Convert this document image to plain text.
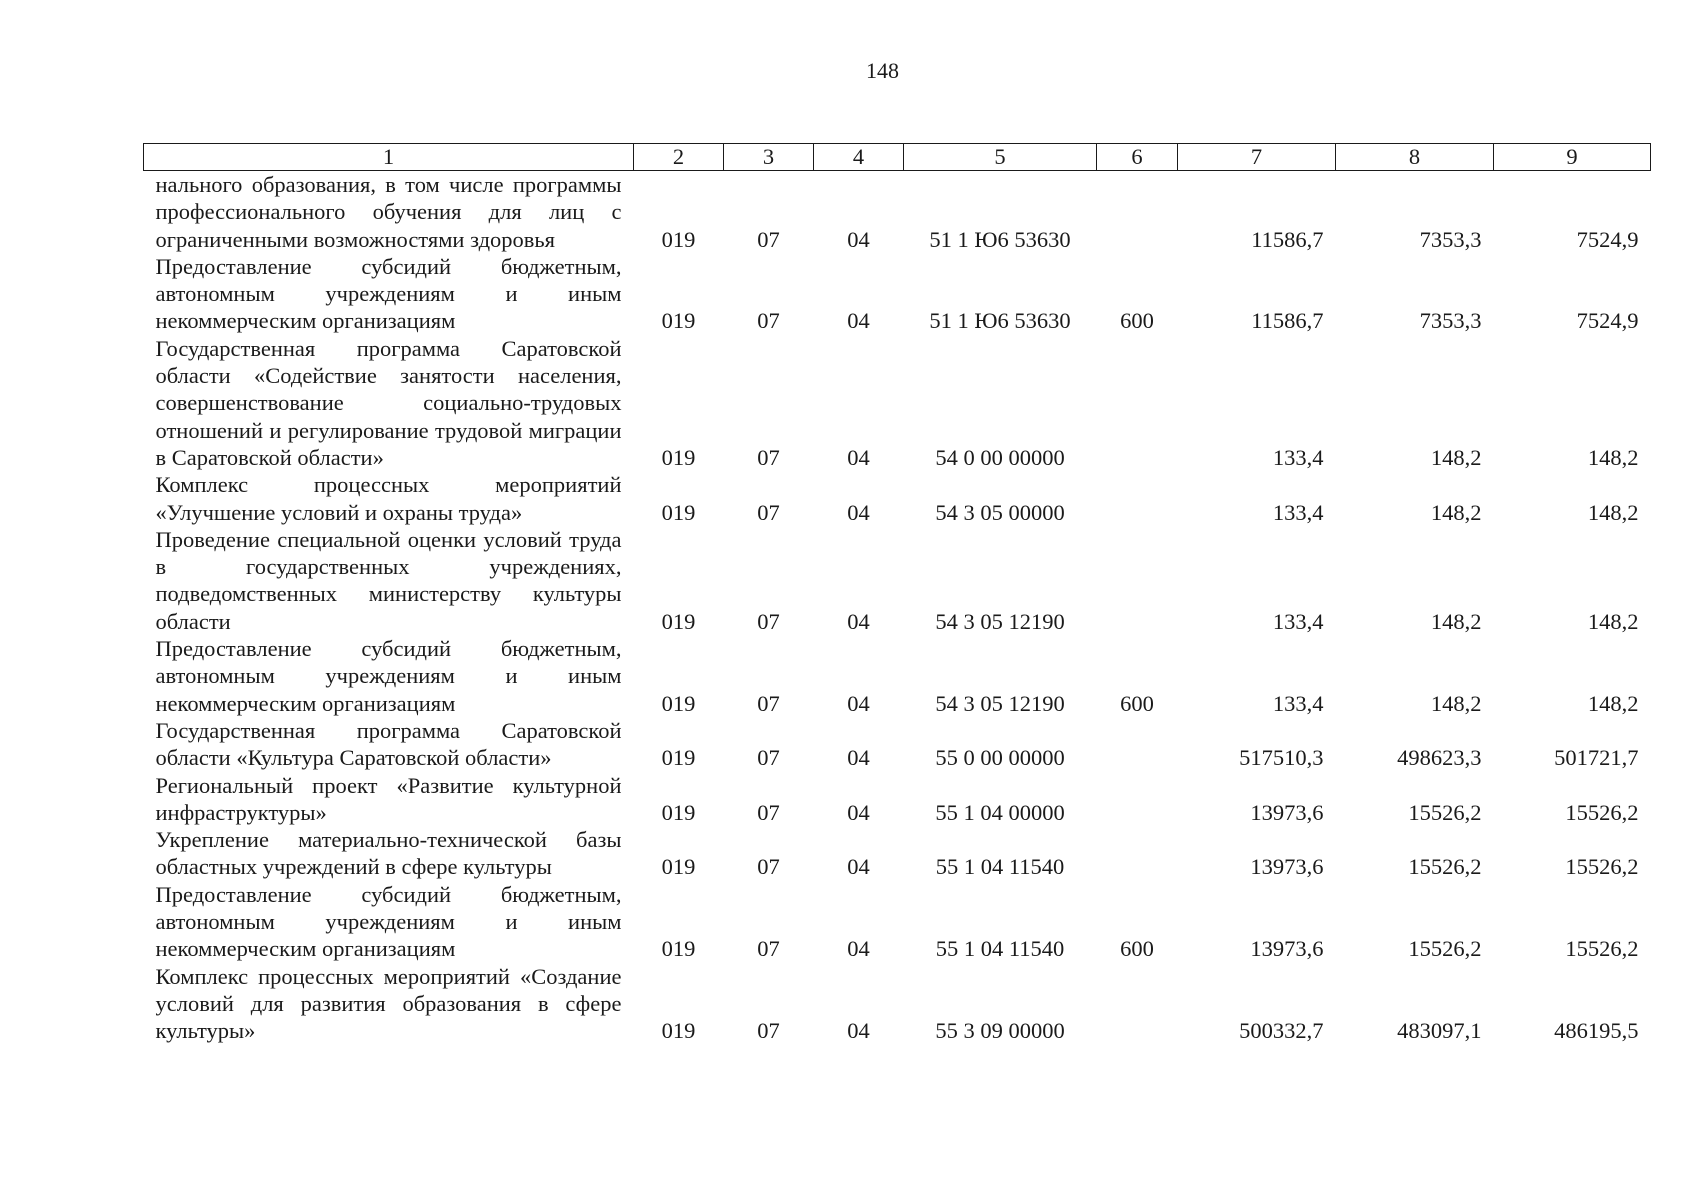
148
1	2	3	4	5	6	7	8	9
нального образования, в том числе программы профессионального обучения для лиц с ограниченными возможностями здоровья	019	07	04	51 1 Ю6 53630		11586,7	7353,3	7524,9
Предоставление субсидий бюджетным, автономным учреждениям и иным некоммерческим организациям	019	07	04	51 1 Ю6 53630	600	11586,7	7353,3	7524,9
Государственная программа Саратовской области «Содействие занятости населения, совершенствование социально-трудовых отношений и регулирование трудовой миграции в Саратовской области»	019	07	04	54 0 00 00000		133,4	148,2	148,2
Комплекс процессных мероприятий «Улучшение условий и охраны труда»	019	07	04	54 3 05 00000		133,4	148,2	148,2
Проведение специальной оценки условий труда в государственных учреждениях, подведомственных министерству культуры области	019	07	04	54 3 05 12190		133,4	148,2	148,2
Предоставление субсидий бюджетным, автономным учреждениям и иным некоммерческим организациям	019	07	04	54 3 05 12190	600	133,4	148,2	148,2
Государственная программа Саратовской области «Культура Саратовской области»	019	07	04	55 0 00 00000		517510,3	498623,3	501721,7
Региональный проект «Развитие культурной инфраструктуры»	019	07	04	55 1 04 00000		13973,6	15526,2	15526,2
Укрепление материально-технической базы областных учреждений в сфере культуры	019	07	04	55 1 04 11540		13973,6	15526,2	15526,2
Предоставление субсидий бюджетным, автономным учреждениям и иным некоммерческим организациям	019	07	04	55 1 04 11540	600	13973,6	15526,2	15526,2
Комплекс процессных мероприятий «Создание условий для развития образования в сфере культуры»	019	07	04	55 3 09 00000		500332,7	483097,1	486195,5
